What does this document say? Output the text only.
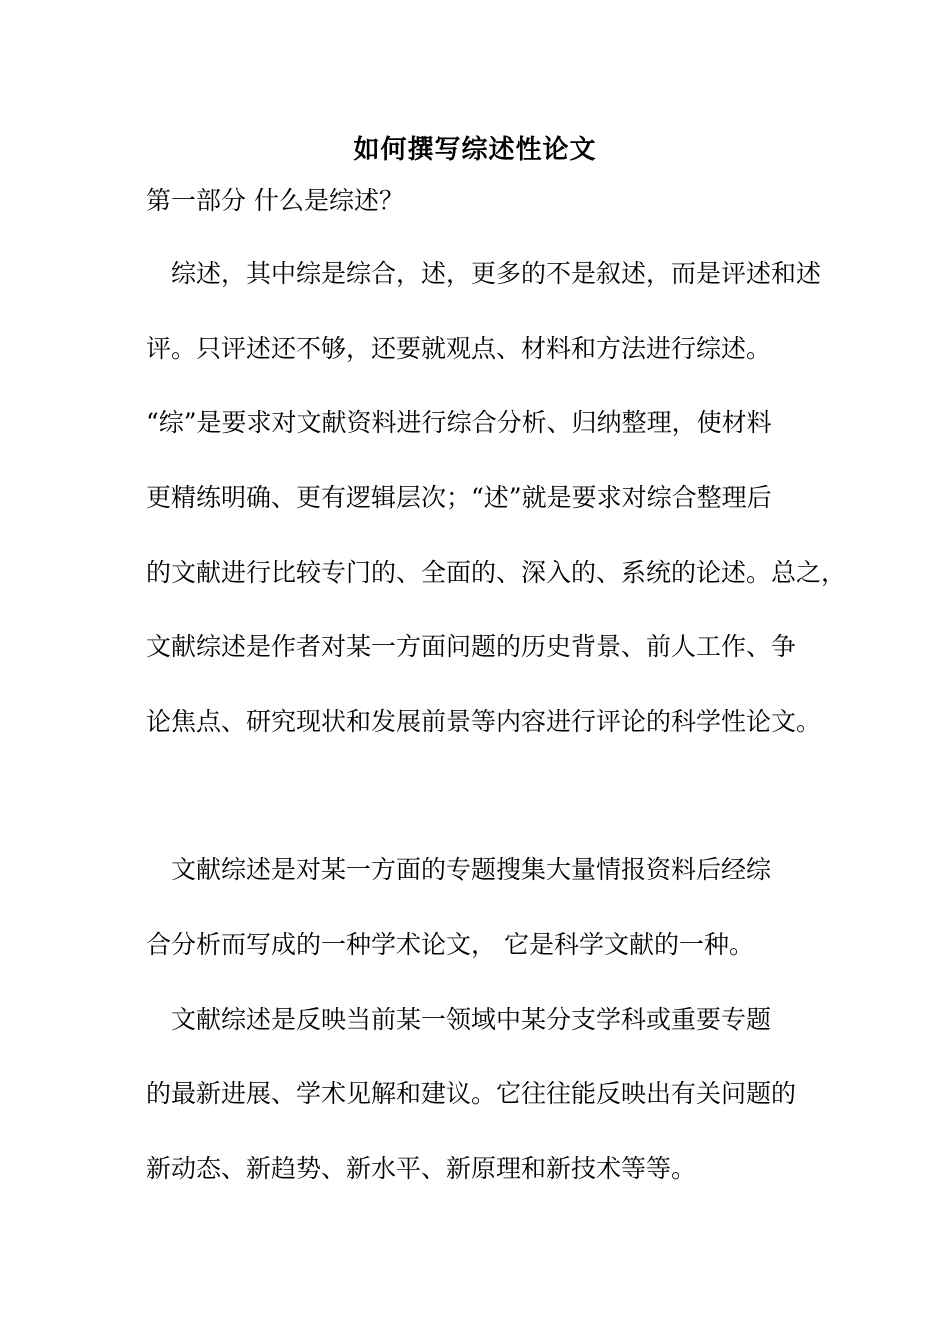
如何撰写综述性论文
第一部分 什么是综述？
综述，其中综是综合，述，更多的不是叙述，而是评述和述
评。只评述还不够，还要就观点、材料和方法进行综述。
“综”是要求对文献资料进行综合分析、归纳整理，使材料
更精练明确、更有逻辑层次；“述”就是要求对综合整理后
的文献进行比较专门的、全面的、深入的、系统的论述。总之，
文献综述是作者对某一方面问题的历史背景、前人工作、争
论焦点、研究现状和发展前景等内容进行评论的科学性论文。
文献综述是对某一方面的专题搜集大量情报资料后经综
合分析而写成的一种学术论文， 它是科学文献的一种。
文献综述是反映当前某一领域中某分支学科或重要专题
的最新进展、学术见解和建议。它往往能反映出有关问题的
新动态、新趋势、新水平、新原理和新技术等等。
